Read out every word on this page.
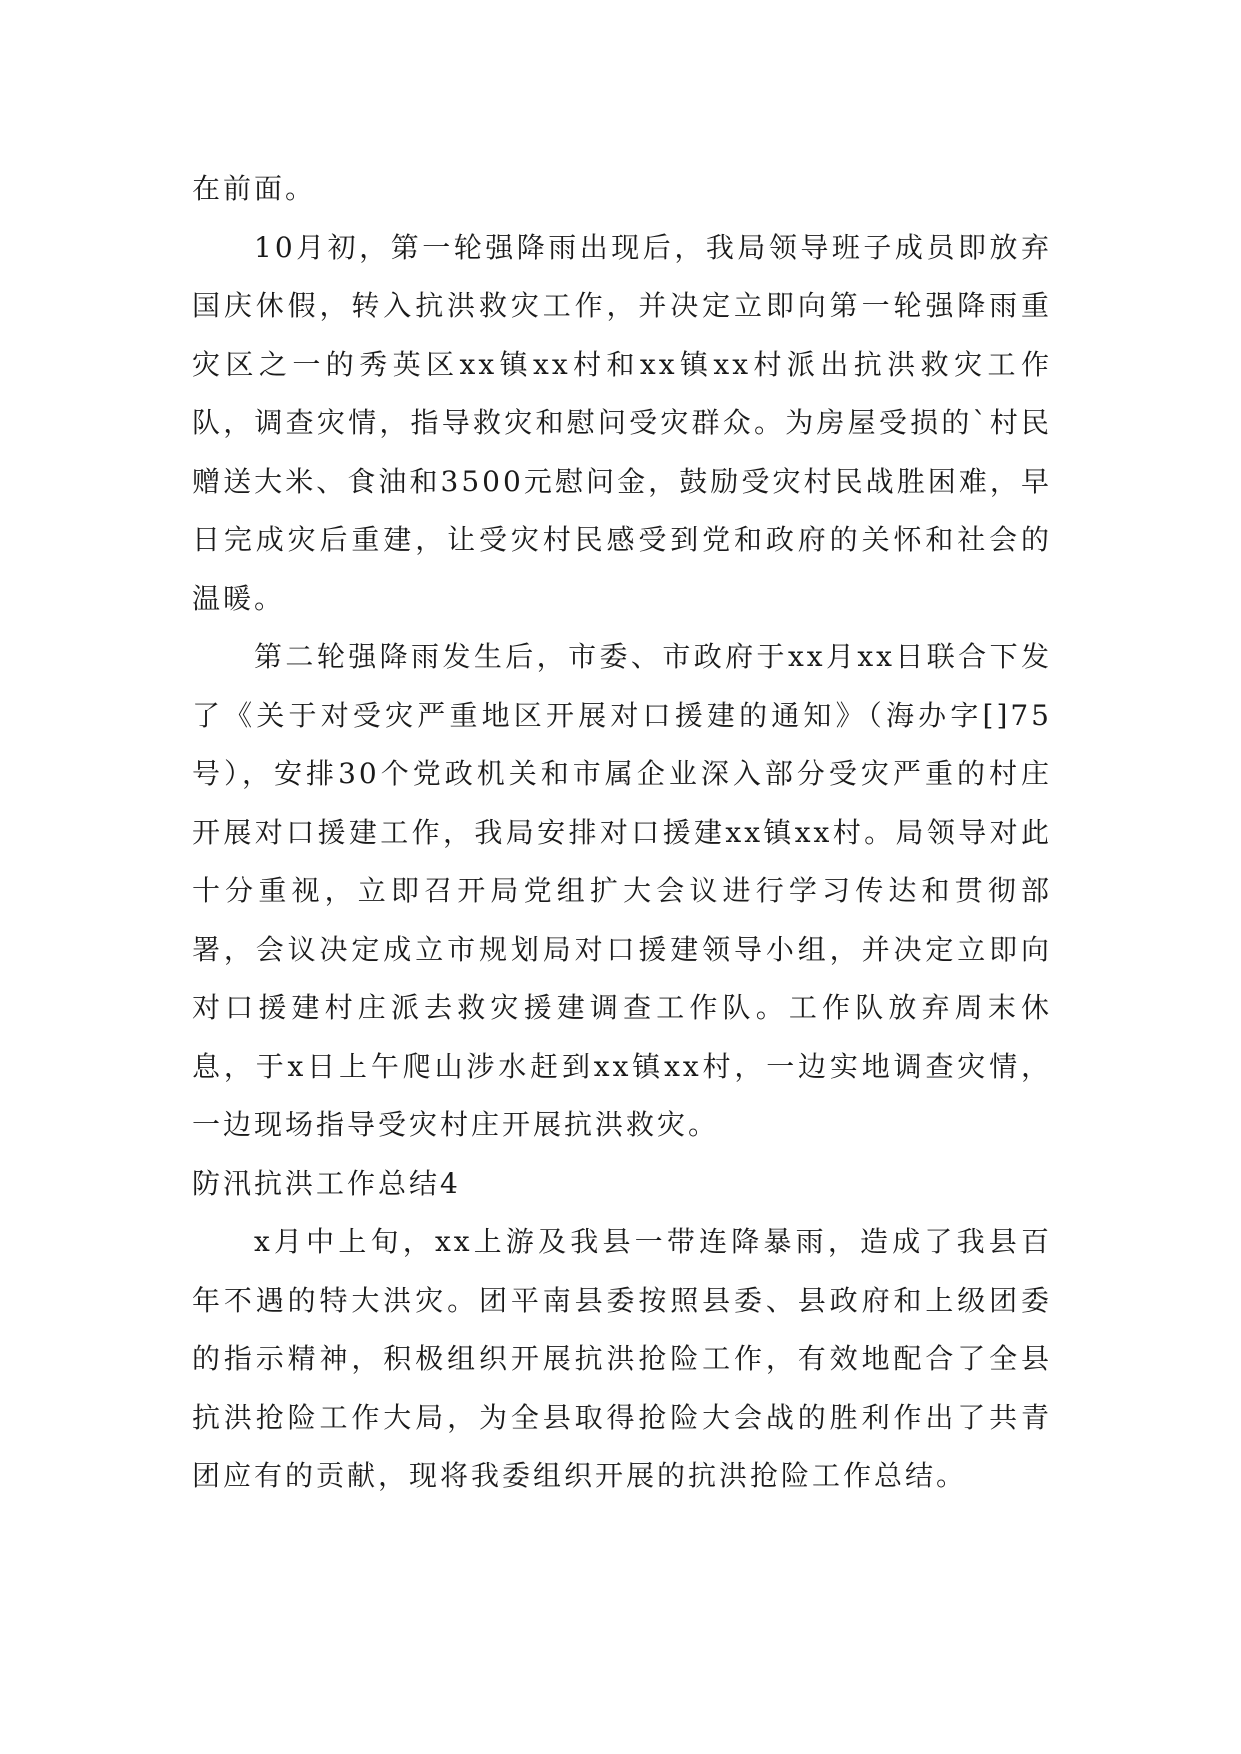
在前面。

10月初，第一轮强降雨出现后，我局领导班子成员即放弃国庆休假，转入抗洪救灾工作，并决定立即向第一轮强降雨重灾区之一的秀英区xx镇xx村和xx镇xx村派出抗洪救灾工作队，调查灾情，指导救灾和慰问受灾群众。为房屋受损的`村民赠送大米、食油和3500元慰问金，鼓励受灾村民战胜困难，早日完成灾后重建，让受灾村民感受到党和政府的关怀和社会的温暖。

第二轮强降雨发生后，市委、市政府于xx月xx日联合下发了《关于对受灾严重地区开展对口援建的通知》（海办字[]75号），安排30个党政机关和市属企业深入部分受灾严重的村庄开展对口援建工作，我局安排对口援建xx镇xx村。局领导对此十分重视，立即召开局党组扩大会议进行学习传达和贯彻部署，会议决定成立市规划局对口援建领导小组，并决定立即向对口援建村庄派去救灾援建调查工作队。工作队放弃周末休息，于x日上午爬山涉水赶到xx镇xx村，一边实地调查灾情，一边现场指导受灾村庄开展抗洪救灾。

防汛抗洪工作总结4

x月中上旬，xx上游及我县一带连降暴雨，造成了我县百年不遇的特大洪灾。团平南县委按照县委、县政府和上级团委的指示精神，积极组织开展抗洪抢险工作，有效地配合了全县抗洪抢险工作大局，为全县取得抢险大会战的胜利作出了共青团应有的贡献，现将我委组织开展的抗洪抢险工作总结。
